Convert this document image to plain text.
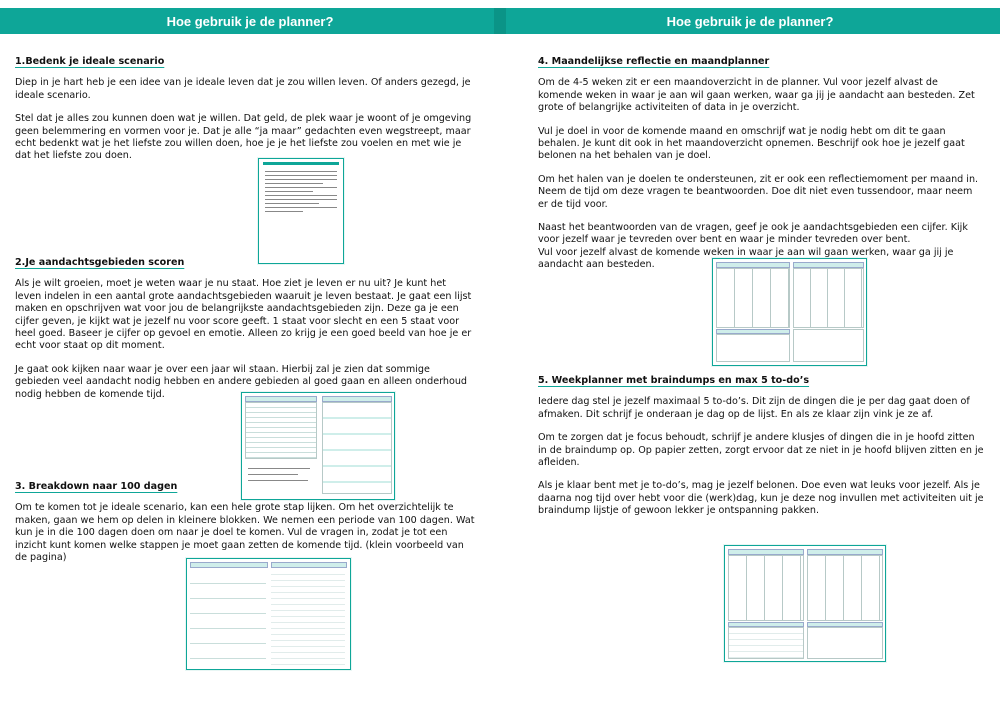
Hoe gebruik je de planner?	Hoe gebruik je de planner?
1.Bedenk je ideale scenario

Diep in je hart heb je een idee van je ideale leven dat je zou willen leven. Of anders gezegd, je ideale scenario.

Stel dat je alles zou kunnen doen wat je willen. Dat geld, de plek waar je woont of je omgeving geen belemmering en vormen voor je. Dat je alle “ja maar” gedachten even wegstreept, maar echt bedenkt wat je het liefste zou willen doen, hoe je je het liefste zou voelen en met wie je dat het liefste zou doen.

2.Je aandachtsgebieden scoren

Als je wilt groeien, moet je weten waar je nu staat. Hoe ziet je leven er nu uit? Je kunt het leven indelen in een aantal grote aandachtsgebieden waaruit je leven bestaat. Je gaat een lijst maken en opschrijven wat voor jou de belangrijkste aandachtsgebieden zijn. Deze ga je een cijfer geven, je kijkt wat je jezelf nu voor score geeft. 1 staat voor slecht en een 5 staat voor heel goed. Baseer je cijfer op gevoel en emotie. Alleen zo krijg je een goed beeld van hoe je er echt voor staat op dit moment.

Je gaat ook kijken naar waar je over een jaar wil staan. Hierbij zal je zien dat sommige gebieden veel aandacht nodig hebben en andere gebieden al goed gaan en alleen onderhoud nodig hebben de komende tijd.

3. Breakdown naar 100 dagen

Om te komen tot je ideale scenario, kan een hele grote stap lijken. Om het overzichtelijk te maken, gaan we hem op delen in kleinere blokken. We nemen een periode van 100 dagen. Wat kun je in die 100 dagen doen om naar je doel te komen. Vul de vragen in, zodat je tot een inzicht kunt komen welke stappen je moet gaan zetten de komende tijd. (klein voorbeeld van de pagina)

4. Maandelijkse reflectie en maandplanner

Om de 4-5 weken zit er een maandoverzicht in de planner. Vul voor jezelf alvast de komende weken in waar je aan wil gaan werken, waar ga jij je aandacht aan besteden. Zet grote of belangrijke activiteiten of data in je overzicht.

Vul je doel in voor de komende maand en omschrijf wat je nodig hebt om dit te gaan behalen. Je kunt dit ook in het maandoverzicht opnemen. Beschrijf ook hoe je jezelf gaat belonen na het behalen van je doel.

Om het halen van je doelen te ondersteunen, zit er ook een reflectiemoment per maand in. Neem de tijd om deze vragen te beantwoorden. Doe dit niet even tussendoor, maar neem er de tijd voor.

Naast het beantwoorden van de vragen, geef je ook je aandachtsgebieden een cijfer. Kijk voor jezelf waar je tevreden over bent en waar je minder tevreden over bent.

Vul voor jezelf alvast de komende weken in waar je aan wil gaan werken, waar ga jij je aandacht aan besteden.

5. Weekplanner met braindumps en max 5 to-do’s

Iedere dag stel je jezelf maximaal 5 to-do’s. Dit zijn de dingen die je per dag gaat doen of afmaken. Dit schrijf je onderaan je dag op de lijst. En als ze klaar zijn vink je ze af.

Om te zorgen dat je focus behoudt, schrijf je andere klusjes of dingen die in je hoofd zitten in de braindump op. Op papier zetten, zorgt ervoor dat ze niet in je hoofd blijven zitten en je afleiden.

Als je klaar bent met je to-do’s, mag je jezelf belonen. Doe even wat leuks voor jezelf. Als je daarna nog tijd over hebt voor die (werk)dag, kun je deze nog invullen met activiteiten uit je braindump lijstje of gewoon lekker je ontspanning pakken.
